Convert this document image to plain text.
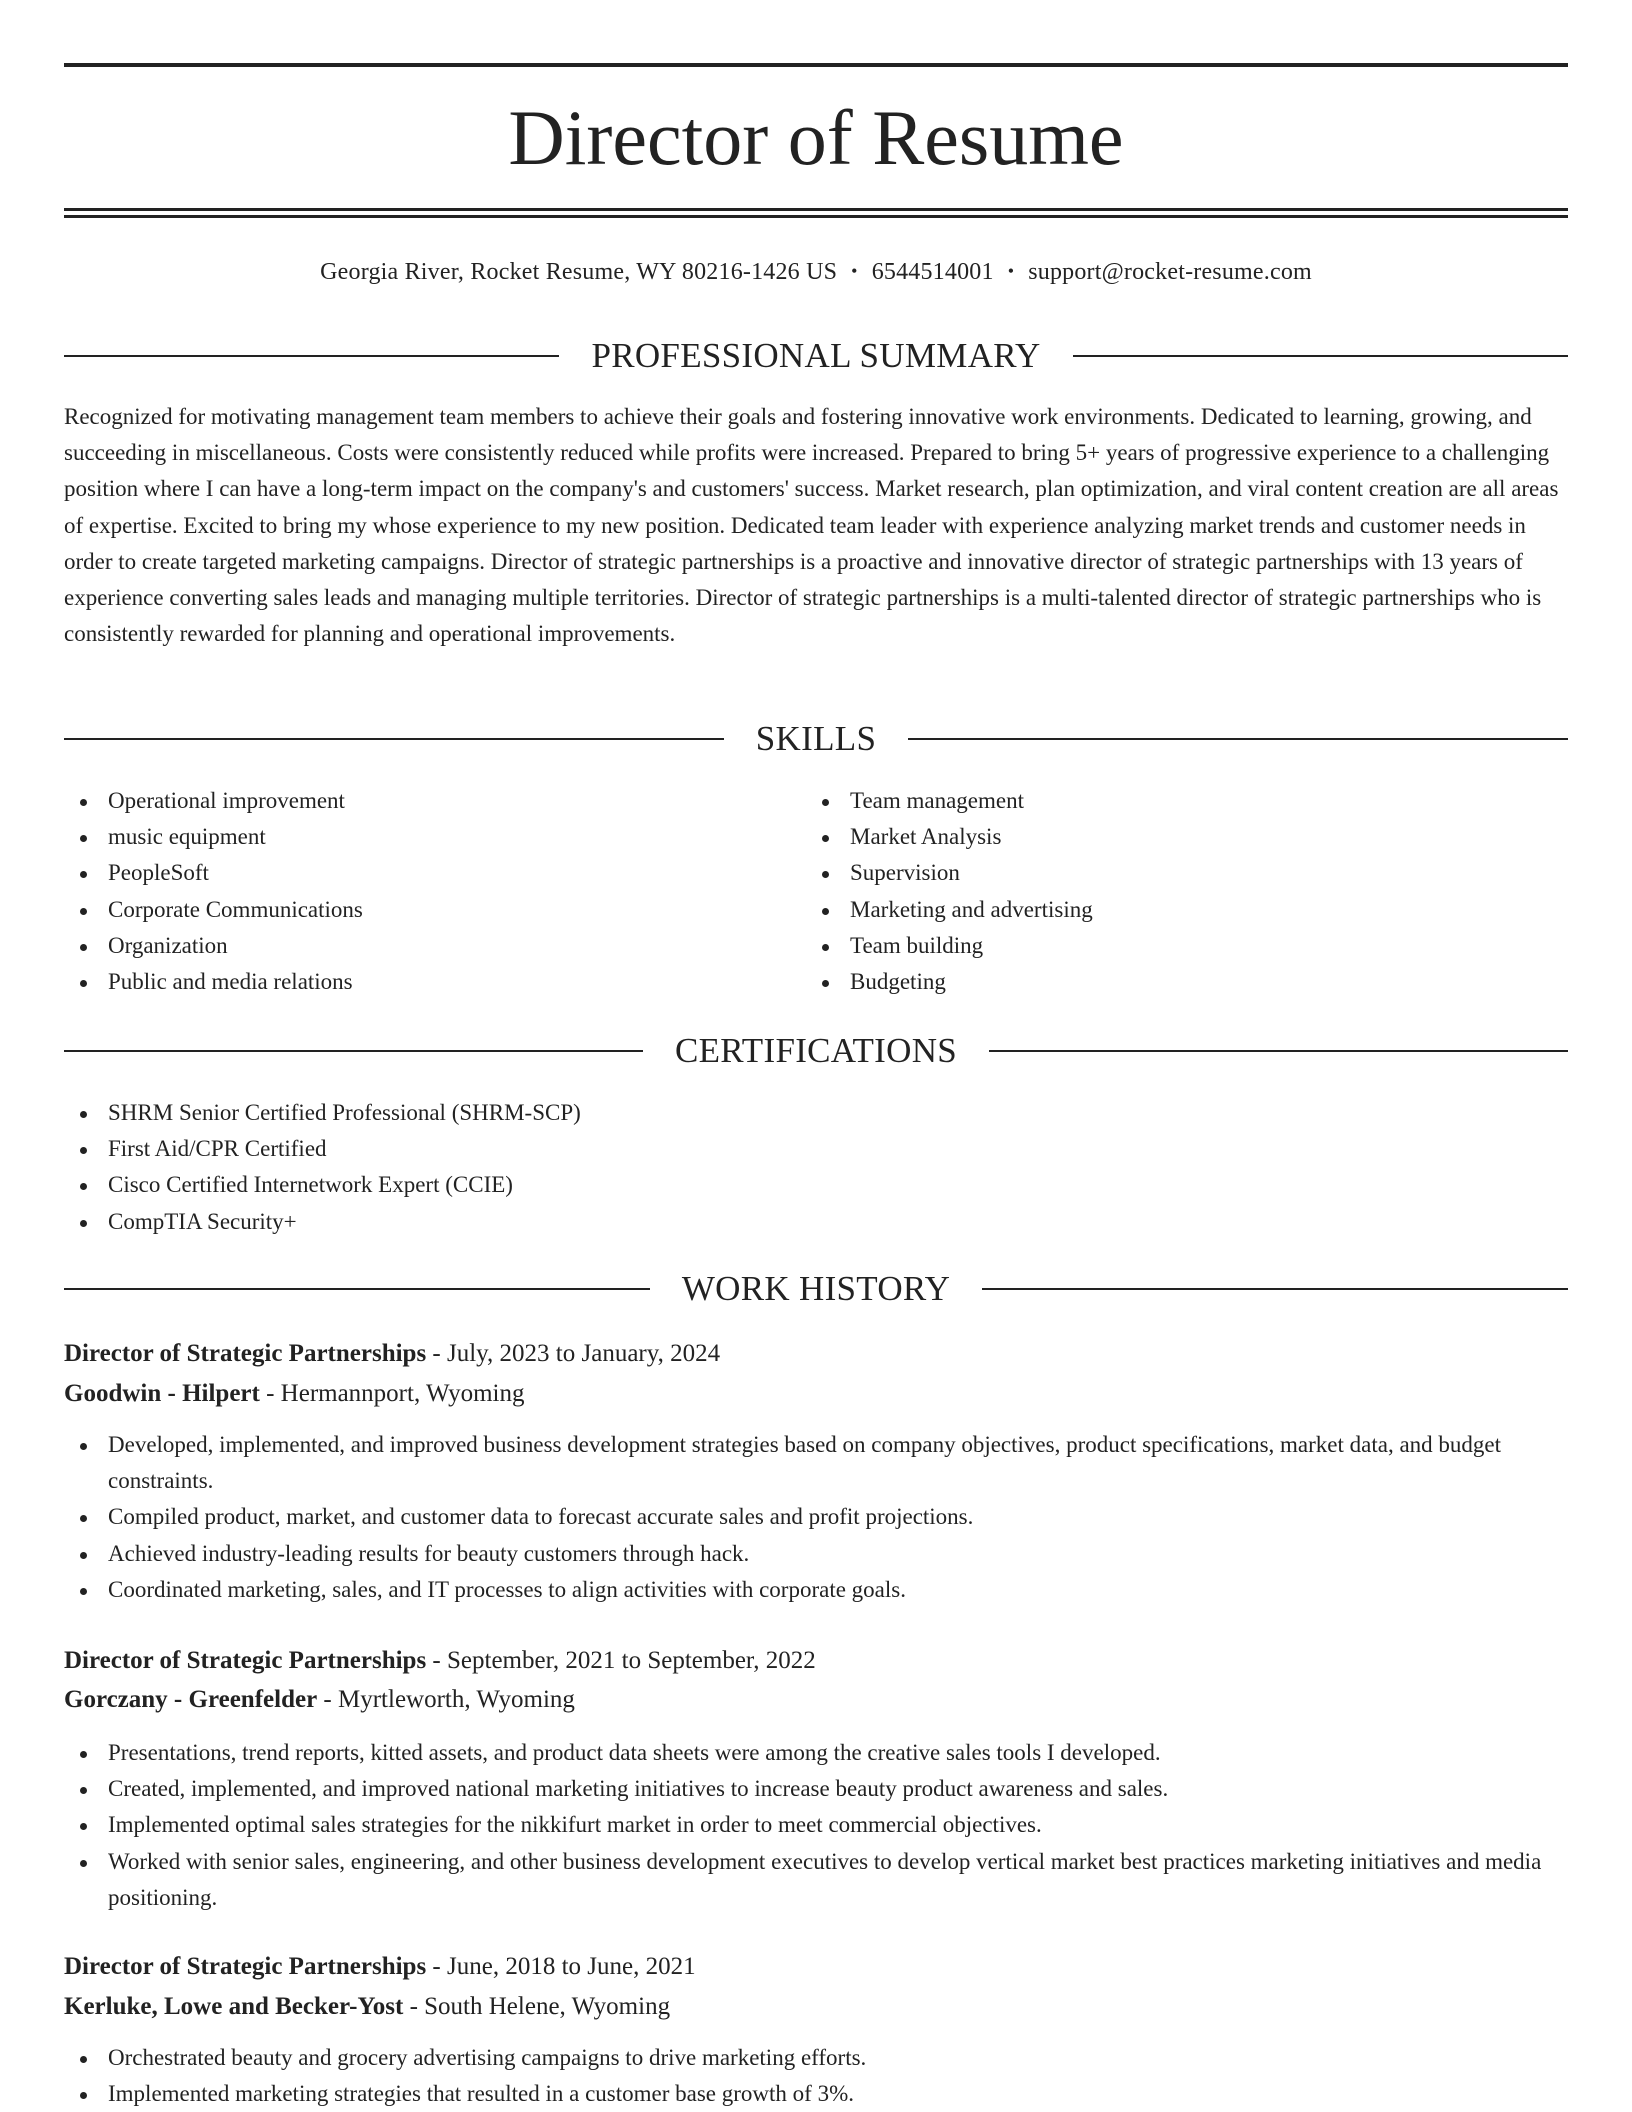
Director of Resume
Georgia River, Rocket Resume, WY 80216-1426 US • 6544514001 • support@rocket-resume.com
PROFESSIONAL SUMMARY

Recognized for motivating management team members to achieve their goals and fostering innovative work environments. Dedicated to learning, growing, and succeeding in miscellaneous. Costs were consistently reduced while profits were increased. Prepared to bring 5+ years of progressive experience to a challenging position where I can have a long-term impact on the company's and customers' success. Market research, plan optimization, and viral content creation are all areas of expertise. Excited to bring my whose experience to my new position. Dedicated team leader with experience analyzing market trends and customer needs in order to create targeted marketing campaigns. Director of strategic partnerships is a proactive and innovative director of strategic partnerships with 13 years of experience converting sales leads and managing multiple territories. Director of strategic partnerships is a multi-talented director of strategic partnerships who is consistently rewarded for planning and operational improvements.

SKILLS
Operational improvement
music equipment
PeopleSoft
Corporate Communications
Organization
Public and media relations
Team management
Market Analysis
Supervision
Marketing and advertising
Team building
Budgeting
CERTIFICATIONS
SHRM Senior Certified Professional (SHRM-SCP)
First Aid/CPR Certified
Cisco Certified Internetwork Expert (CCIE)
CompTIA Security+
WORK HISTORY
Director of Strategic Partnerships - July, 2023 to January, 2024
Goodwin - Hilpert - Hermannport, Wyoming
Developed, implemented, and improved business development strategies based on company objectives, product specifications, market data, and budget constraints.
Compiled product, market, and customer data to forecast accurate sales and profit projections.
Achieved industry-leading results for beauty customers through hack.
Coordinated marketing, sales, and IT processes to align activities with corporate goals.
Director of Strategic Partnerships - September, 2021 to September, 2022
Gorczany - Greenfelder - Myrtleworth, Wyoming
Presentations, trend reports, kitted assets, and product data sheets were among the creative sales tools I developed.
Created, implemented, and improved national marketing initiatives to increase beauty product awareness and sales.
Implemented optimal sales strategies for the nikkifurt market in order to meet commercial objectives.
Worked with senior sales, engineering, and other business development executives to develop vertical market best practices marketing initiatives and media positioning.
Director of Strategic Partnerships - June, 2018 to June, 2021
Kerluke, Lowe and Becker-Yost - South Helene, Wyoming
Orchestrated beauty and grocery advertising campaigns to drive marketing efforts.
Implemented marketing strategies that resulted in a customer base growth of 3%.
